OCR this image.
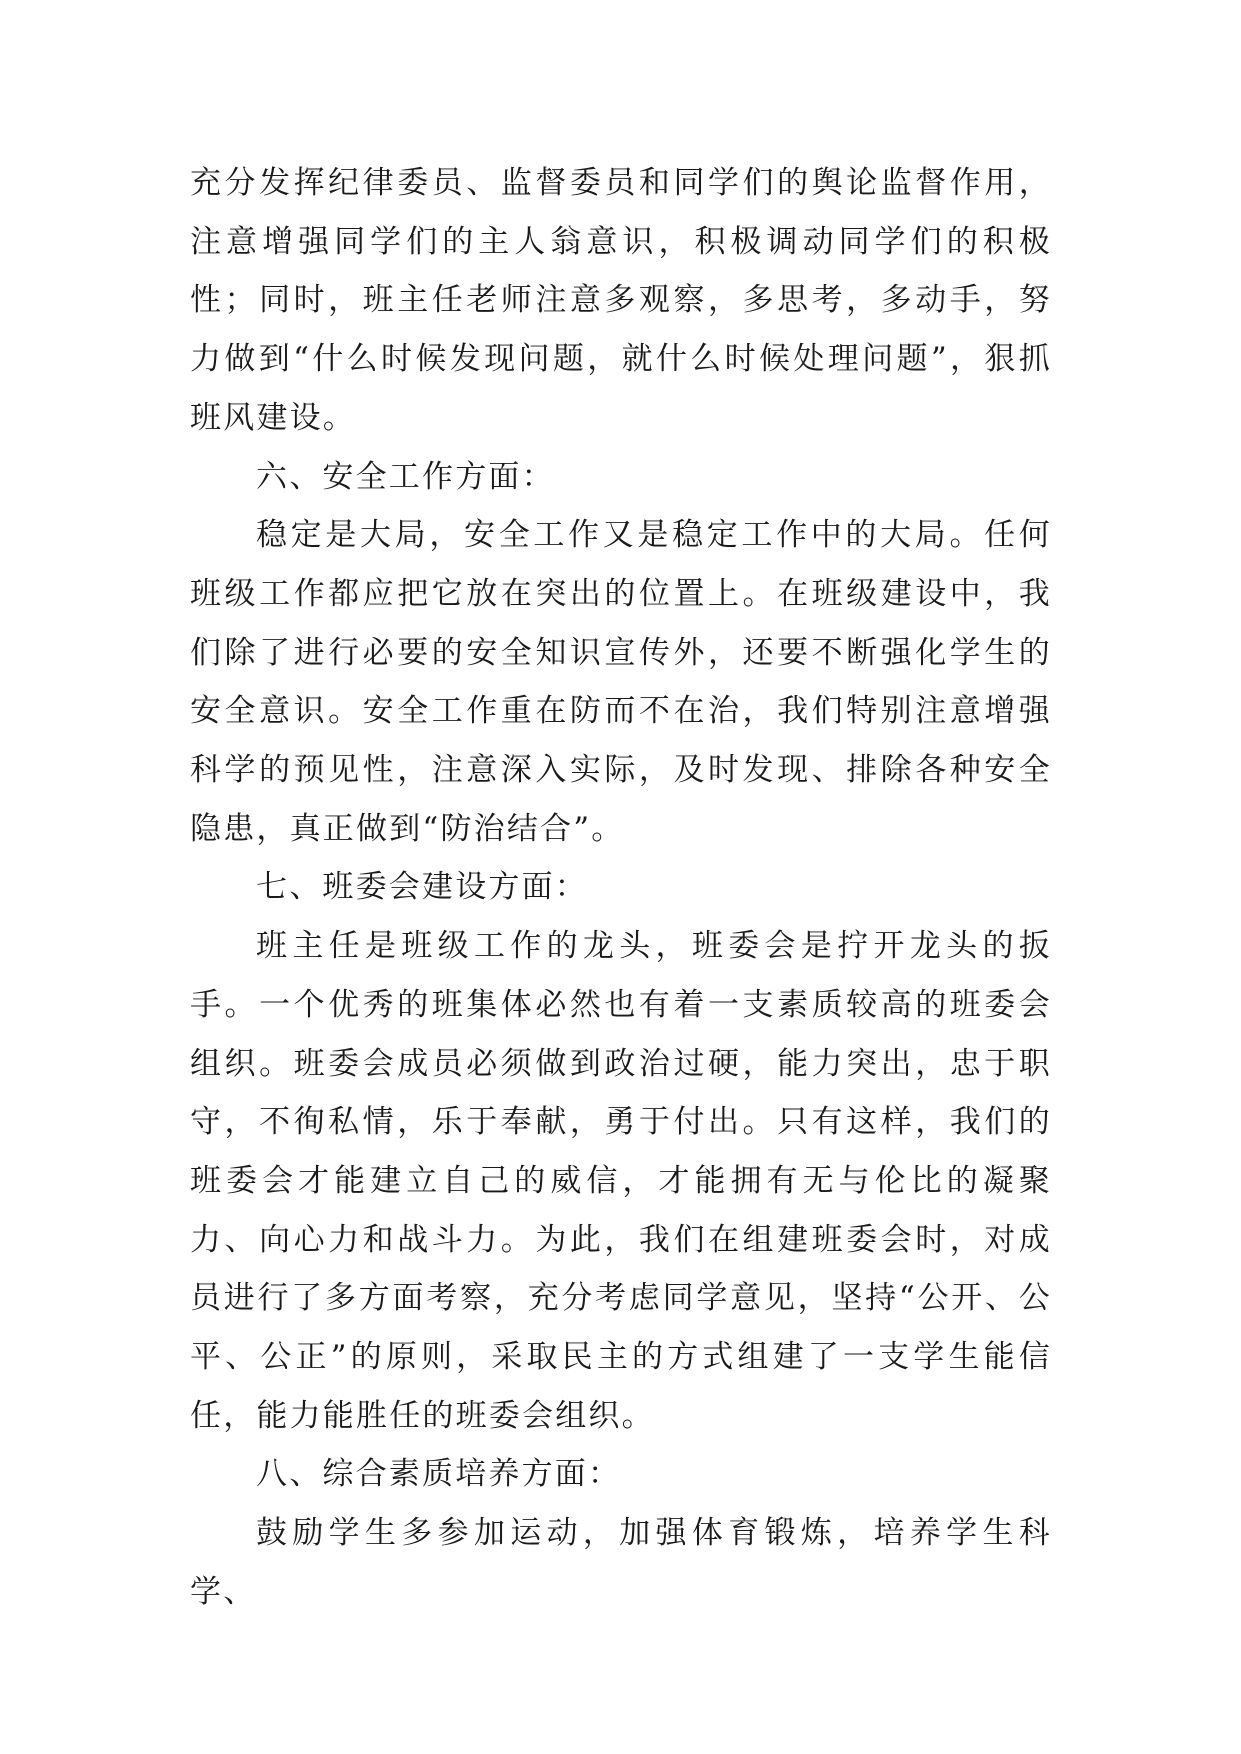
充分发挥纪律委员、监督委员和同学们的舆论监督作用，注意增强同学们的主人翁意识，积极调动同学们的积极性；同时，班主任老师注意多观察，多思考，多动手，努力做到“什么时候发现问题，就什么时候处理问题”，狠抓班风建设。

六、安全工作方面：

稳定是大局，安全工作又是稳定工作中的大局。任何班级工作都应把它放在突出的位置上。在班级建设中，我们除了进行必要的安全知识宣传外，还要不断强化学生的安全意识。安全工作重在防而不在治，我们特别注意增强科学的预见性，注意深入实际，及时发现、排除各种安全隐患，真正做到“防治结合”。

七、班委会建设方面：

班主任是班级工作的龙头，班委会是拧开龙头的扳手。一个优秀的班集体必然也有着一支素质较高的班委会组织。班委会成员必须做到政治过硬，能力突出，忠于职守，不徇私情，乐于奉献，勇于付出。只有这样，我们的班委会才能建立自己的威信，才能拥有无与伦比的凝聚力、向心力和战斗力。为此，我们在组建班委会时，对成员进行了多方面考察，充分考虑同学意见，坚持“公开、公平、公正”的原则，采取民主的方式组建了一支学生能信任，能力能胜任的班委会组织。

八、综合素质培养方面：

鼓励学生多参加运动，加强体育锻炼，培养学生科学、
